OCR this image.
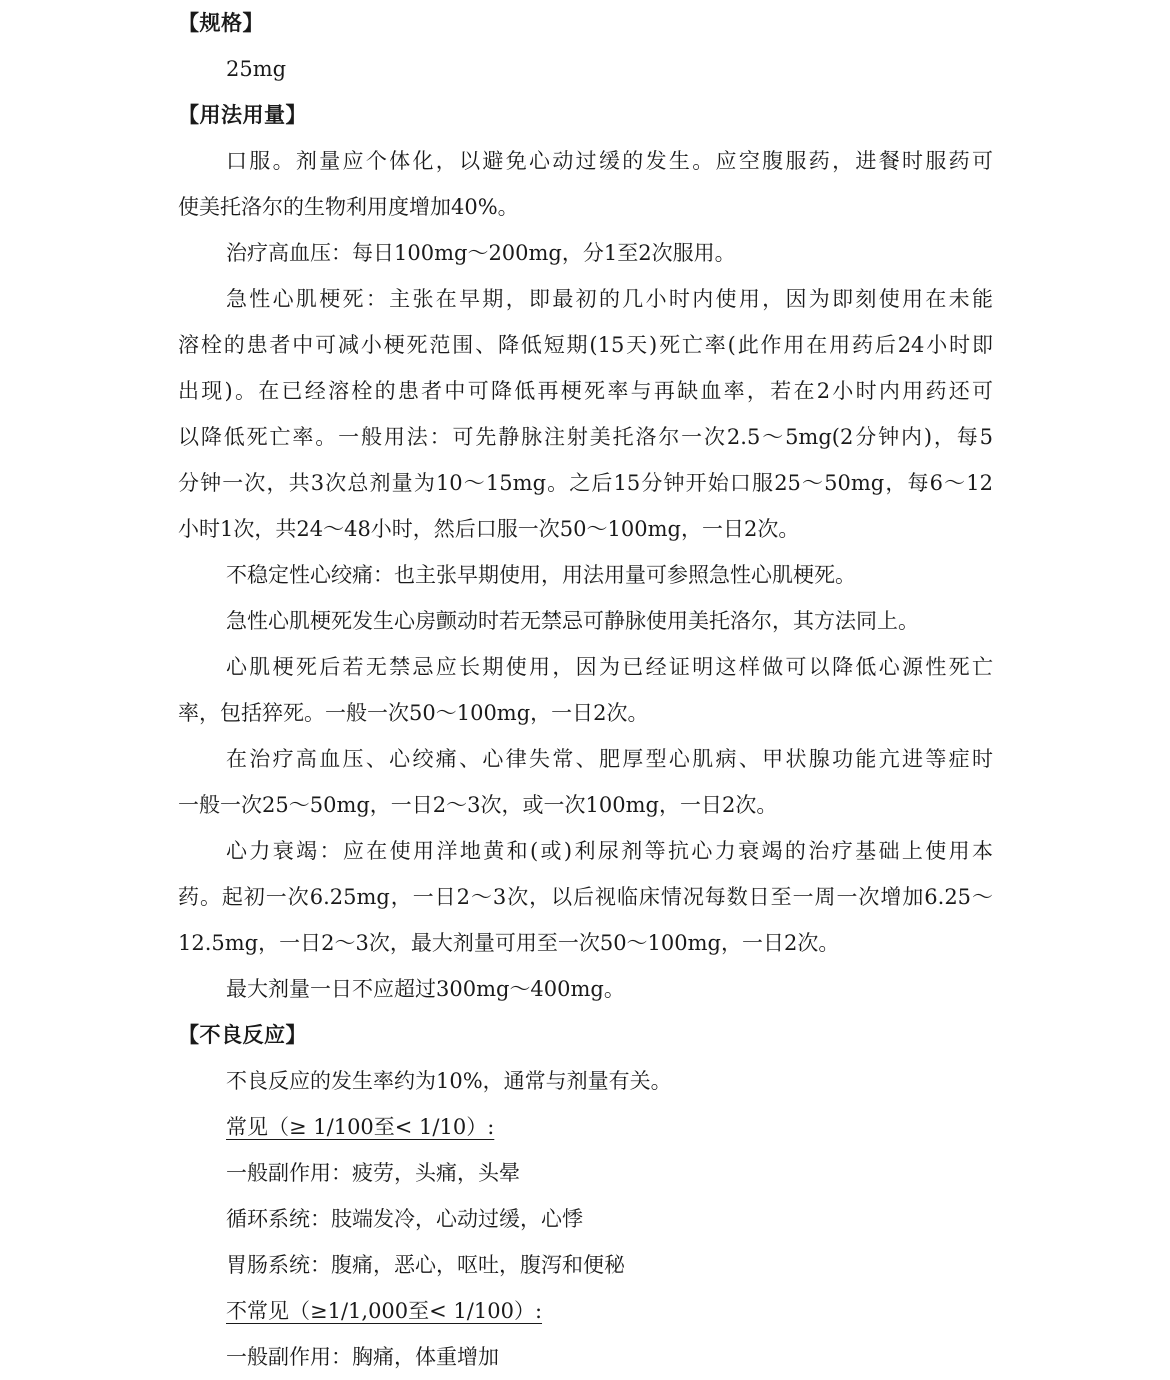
【规格】
25mg
【用法用量】
口服。剂量应个体化，以避免心动过缓的发生。应空腹服药，进餐时服药可
使美托洛尔的生物利用度增加40%。
治疗高血压：每日100mg～200mg，分1至2次服用。
急性心肌梗死：主张在早期，即最初的几小时内使用，因为即刻使用在未能
溶栓的患者中可减小梗死范围、降低短期(15天)死亡率(此作用在用药后24小时即
出现)。在已经溶栓的患者中可降低再梗死率与再缺血率，若在2小时内用药还可
以降低死亡率。一般用法：可先静脉注射美托洛尔一次2.5～5mg(2分钟内)，每5
分钟一次，共3次总剂量为10～15mg。之后15分钟开始口服25～50mg，每6～12
小时1次，共24～48小时，然后口服一次50～100mg，一日2次。
不稳定性心绞痛：也主张早期使用，用法用量可参照急性心肌梗死。
急性心肌梗死发生心房颤动时若无禁忌可静脉使用美托洛尔，其方法同上。
心肌梗死后若无禁忌应长期使用，因为已经证明这样做可以降低心源性死亡
率，包括猝死。一般一次50～100mg，一日2次。
在治疗高血压、心绞痛、心律失常、肥厚型心肌病、甲状腺功能亢进等症时
一般一次25～50mg，一日2～3次，或一次100mg，一日2次。
心力衰竭：应在使用洋地黄和(或)利尿剂等抗心力衰竭的治疗基础上使用本
药。起初一次6.25mg，一日2～3次，以后视临床情况每数日至一周一次增加6.25～
12.5mg，一日2～3次，最大剂量可用至一次50～100mg，一日2次。
最大剂量一日不应超过300mg～400mg。
【不良反应】
不良反应的发生率约为10%，通常与剂量有关。
常见（≥ 1/100至< 1/10）:
一般副作用：疲劳，头痛，头晕
循环系统：肢端发冷，心动过缓，心悸
胃肠系统：腹痛，恶心，呕吐，腹泻和便秘
不常见（≥1/1,000至< 1/100）:
一般副作用：胸痛，体重增加
